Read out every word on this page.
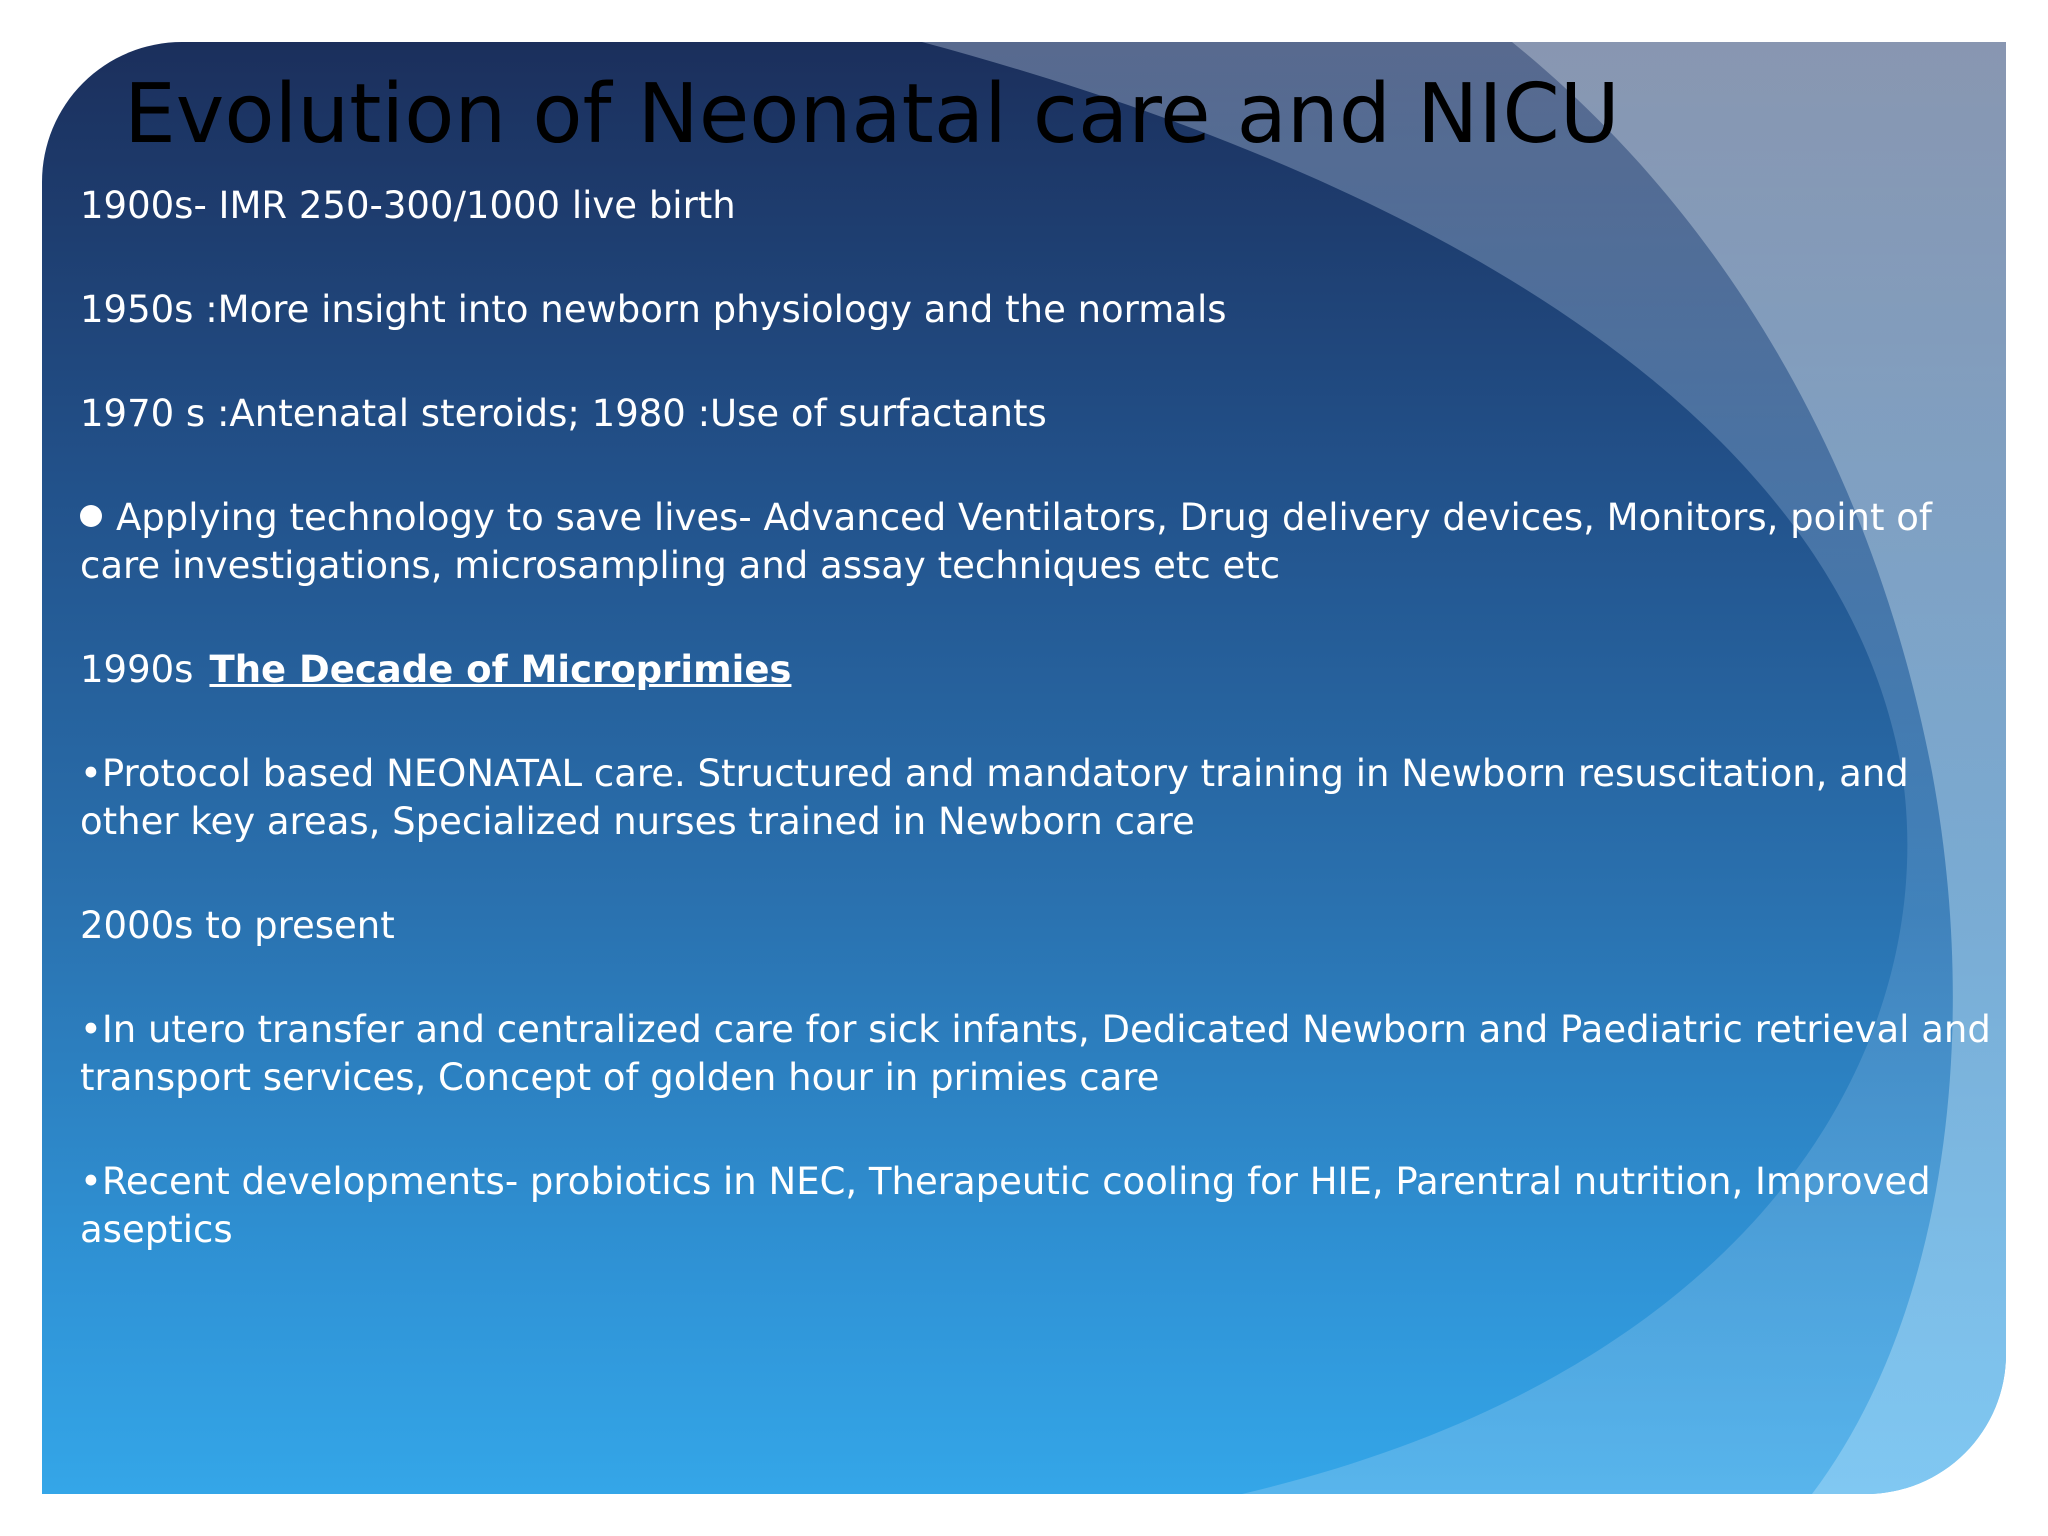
Evolution of Neonatal care and NICU

1900s- IMR 250-300/1000 live birth

1950s :More insight into newborn physiology and the normals

1970 s :Antenatal steroids; 1980 :Use of surfactants

Applying technology to save lives- Advanced Ventilators, Drug delivery devices, Monitors, point of care investigations, microsampling and assay techniques etc etc

1990s The Decade of Microprimies

•Protocol based NEONATAL care. Structured and mandatory training in Newborn resuscitation, and other key areas, Specialized nurses trained in Newborn care

2000s to present

•In utero transfer and centralized care for sick infants, Dedicated Newborn and Paediatric retrieval and transport services, Concept of golden hour in primies care

•Recent developments- probiotics in NEC, Therapeutic cooling for HIE, Parentral nutrition, Improved aseptics
